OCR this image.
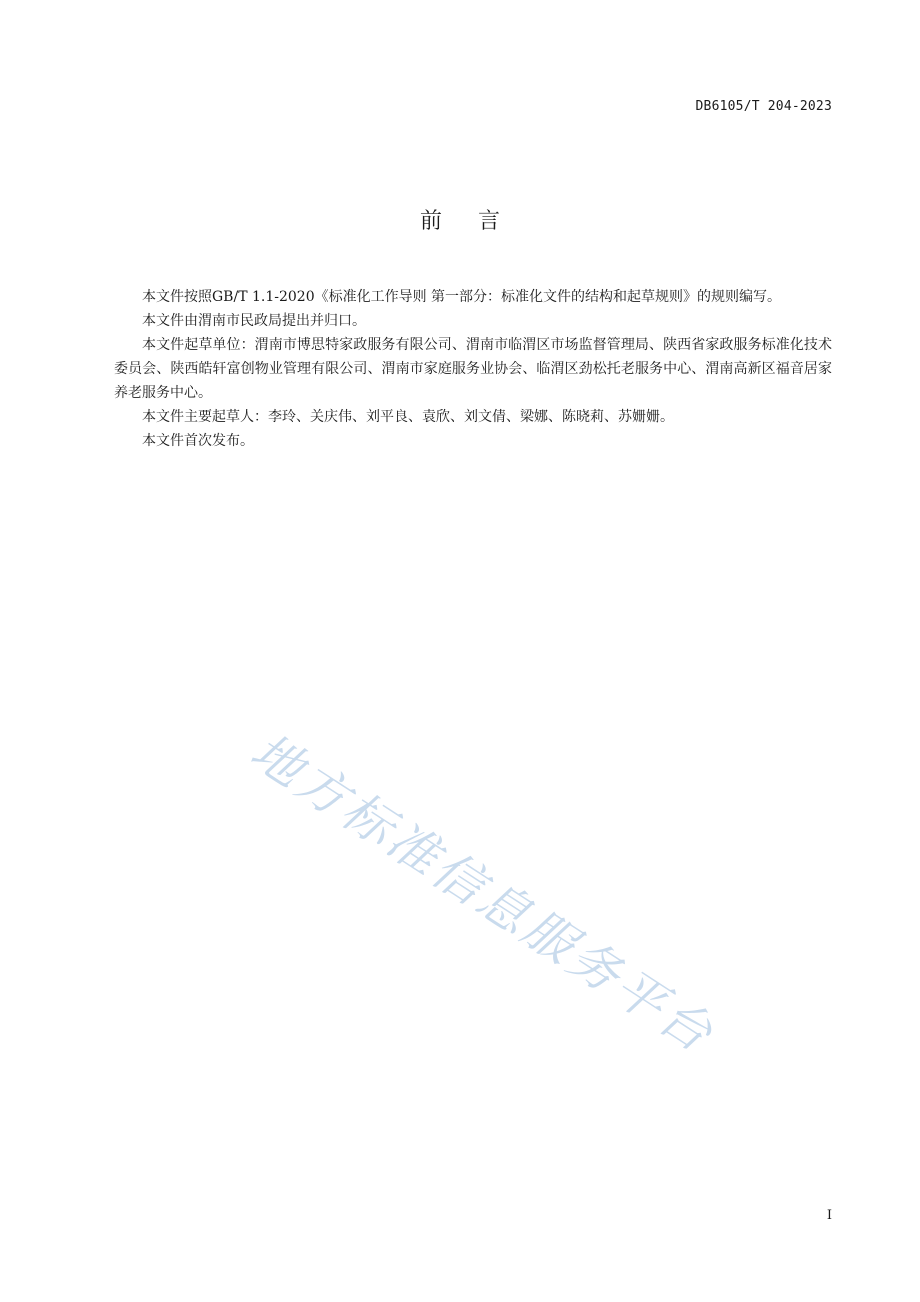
DB6105/T 204-2023
前言

本文件按照GB/T 1.1-2020《标准化工作导则 第一部分：标准化文件的结构和起草规则》的规则编写。

本文件由渭南市民政局提出并归口。

本文件起草单位：渭南市博思特家政服务有限公司、渭南市临渭区市场监督管理局、陕西省家政服务标准化技术委员会、陕西皓轩富创物业管理有限公司、渭南市家庭服务业协会、临渭区劲松托老服务中心、渭南高新区福音居家养老服务中心。

本文件主要起草人：李玲、关庆伟、刘平良、袁欣、刘文倩、梁娜、陈晓莉、苏姗姗。

本文件首次发布。

地方标准信息服务平台
I
